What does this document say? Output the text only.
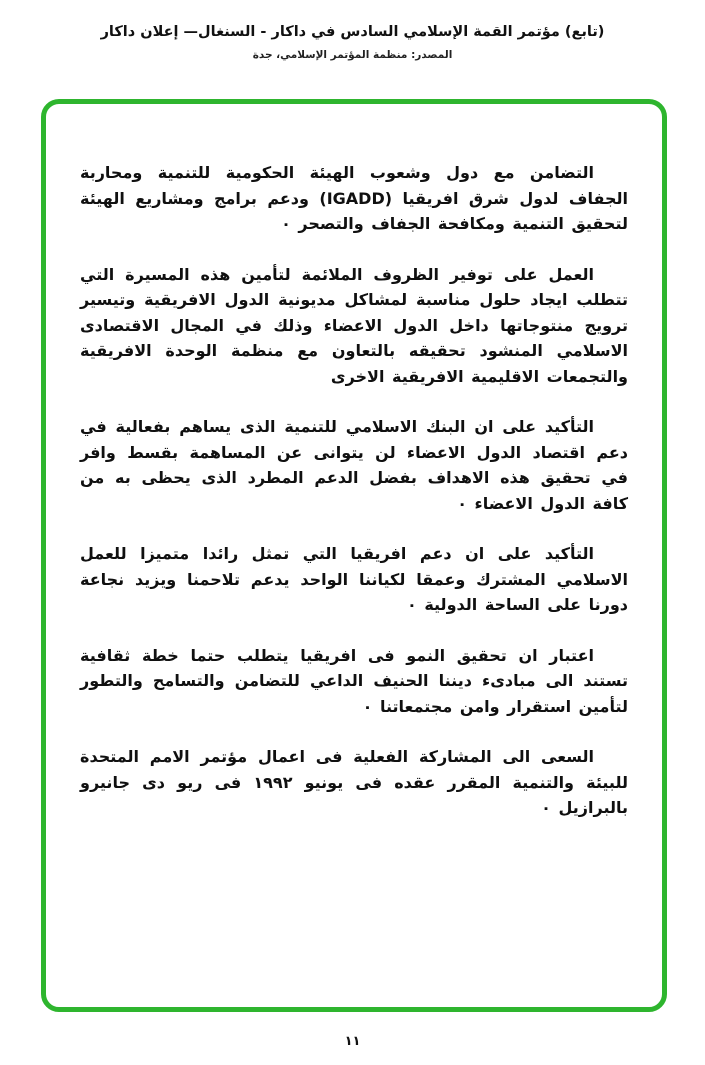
(تابع) مؤتمر القمة الإسلامي السادس في داكار - السنغال— إعلان داكار
المصدر: منظمة المؤتمر الإسلامي، جدة

التضامن مع دول وشعوب الهيئة الحكومية للتنمية ومحاربة الجفاف لدول شرق افريقيا (IGADD) ودعم برامج ومشاريع الهيئة لتحقيق التنمية ومكافحة الجفاف والتصحر ٠

العمل على توفير الظروف الملائمة لتأمين هذه المسيرة التي تتطلب ايجاد حلول مناسبة لمشاكل مديونية الدول الافريقية وتيسير ترويج منتوجاتها داخل الدول الاعضاء وذلك في المجال الاقتصادى الاسلامي المنشود تحقيقه بالتعاون مع منظمة الوحدة الافريقية والتجمعات الاقليمية الافريقية الاخرى

التأكيد على ان البنك الاسلامي للتنمية الذى يساهم بفعالية في دعم اقتصاد الدول الاعضاء لن يتوانى عن المساهمة بقسط وافر في تحقيق هذه الاهداف بفضل الدعم المطرد الذى يحظى به من كافة الدول الاعضاء ٠

التأكيد على ان دعم افريقيا التي تمثل رائدا متميزا للعمل الاسلامي المشترك وعمقا لكياننا الواحد يدعم تلاحمنا ويزيد نجاعة دورنا على الساحة الدولية ٠

اعتبار ان تحقيق النمو فى افريقيا يتطلب حتما خطة ثقافية تستند الى مبادىء ديننا الحنيف الداعي للتضامن والتسامح والتطور لتأمين استقرار وامن مجتمعاتنا ٠

السعى الى المشاركة الفعلية فى اعمال مؤتمر الامم المتحدة للبيئة والتنمية المقرر عقده فى يونيو ١٩٩٢ فى ريو دى جانيرو بالبرازيل ٠

١١
